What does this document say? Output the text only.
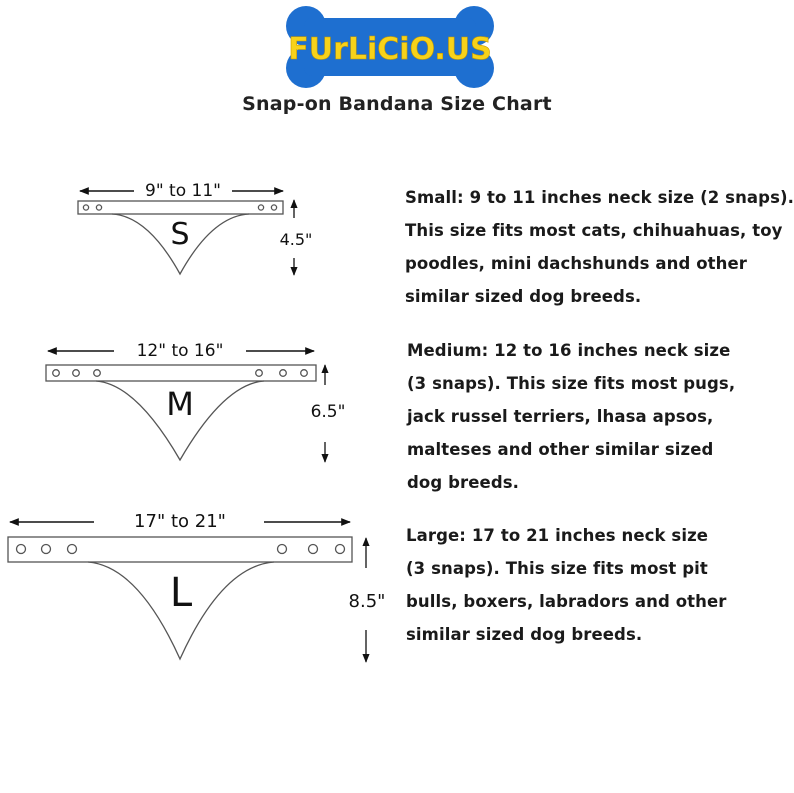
FUrLiCiO.US
Snap-on Bandana Size Chart
9" to 11"
S	4.5"
12" to 16"
M	6.5"
17" to 21"
L	8.5"
Small: 9 to 11 inches neck size (2 snaps).
This size fits most cats, chihuahuas, toy
poodles, mini dachshunds and other
similar sized dog breeds.
Medium: 12 to 16 inches neck size
(3 snaps). This size fits most pugs,
jack russel terriers, lhasa apsos,
malteses and other similar sized
dog breeds.
Large: 17 to 21 inches neck size
(3 snaps). This size fits most pit
bulls, boxers, labradors and other
similar sized dog breeds.
